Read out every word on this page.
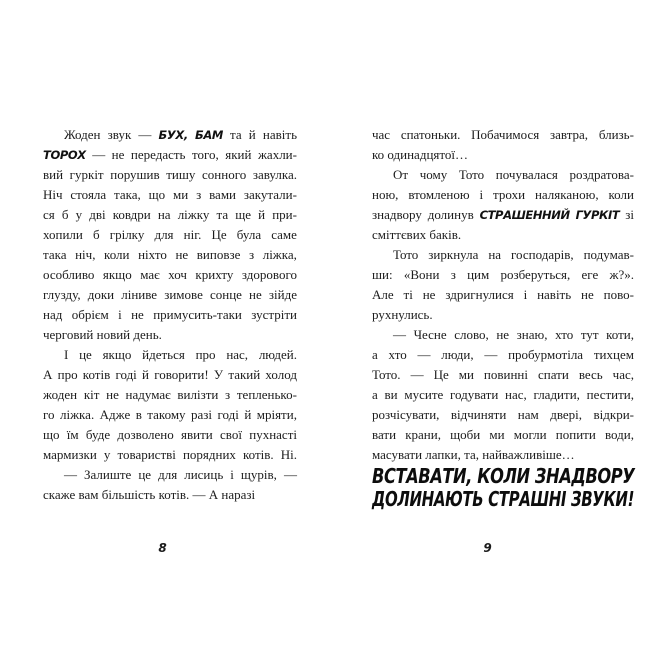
Жоден звук — БУХ, БАМ та й навіть
ТОРОХ — не передасть того, який жахли-
вий гуркіт порушив тишу сонного завулка.
Ніч стояла така, що ми з вами закутали-
ся б у дві ковдри на ліжку та ще й при-
хопили б грілку для ніг. Це була саме
така ніч, коли ніхто не виповзе з ліжка,
особливо якщо має хоч крихту здорового
глузду, доки ліниве зимове сонце не зійде
над обрієм і не примусить-таки зустріти
черговий новий день.
І це якщо йдеться про нас, людей.
А про котів годі й говорити! У такий холод
жоден кіт не надумає вилізти з тепленько-
го ліжка. Адже в такому разі годі й мріяти,
що їм буде дозволено явити свої пухнасті
мармизки у товаристві порядних котів. Ні.
— Залиште це для лисиць і щурів, —
скаже вам більшість котів. — А наразі
8
час спатоньки. Побачимося завтра, близь-
ко одинадцятої…
От чому Тото почувалася роздратова-
ною, втомленою і трохи наляканою, коли
знадвору долинув СТРАШЕННИЙ ГУРКІТ зі
сміттєвих баків.
Тото зиркнула на господарів, подумав-
ши: «Вони з цим розберуться, еге ж?».
Але ті не здригнулися і навіть не пово-
рухнулись.
— Чесне слово, не знаю, хто тут коти,
а хто — люди, — пробурмотіла тихцем
Тото. — Це ми повинні спати весь час,
а ви мусите годувати нас, гладити, пестити,
розчісувати, відчиняти нам двері, відкри-
вати крани, щоби ми могли попити води,
масувати лапки, та, найважливіше…
ВСТАВАТИ, КОЛИ ЗНАДВОРУ
ДОЛИНАЮТЬ СТРАШНІ ЗВУКИ!
9
